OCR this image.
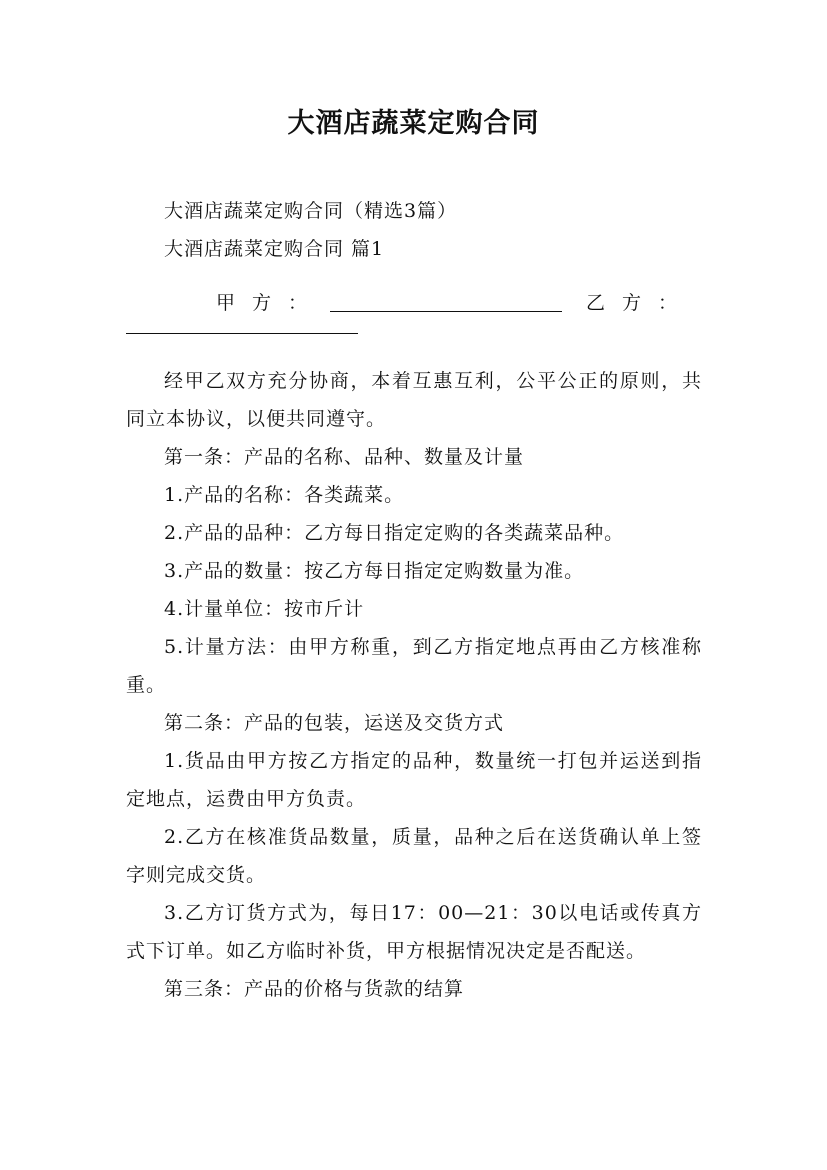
大酒店蔬菜定购合同

大酒店蔬菜定购合同（精选3篇）

大酒店蔬菜定购合同 篇1

甲方：	乙方：

经甲乙双方充分协商，本着互惠互利，公平公正的原则，共同立本协议，以便共同遵守。

第一条：产品的名称、品种、数量及计量

1.产品的名称：各类蔬菜。

2.产品的品种：乙方每日指定定购的各类蔬菜品种。

3.产品的数量：按乙方每日指定定购数量为准。

4.计量单位：按市斤计

5.计量方法：由甲方称重，到乙方指定地点再由乙方核准称重。

第二条：产品的包装，运送及交货方式

1.货品由甲方按乙方指定的品种，数量统一打包并运送到指定地点，运费由甲方负责。

2.乙方在核准货品数量，质量，品种之后在送货确认单上签字则完成交货。

3.乙方订货方式为，每日17：00—21：30以电话或传真方式下订单。如乙方临时补货，甲方根据情况决定是否配送。

第三条：产品的价格与货款的结算
